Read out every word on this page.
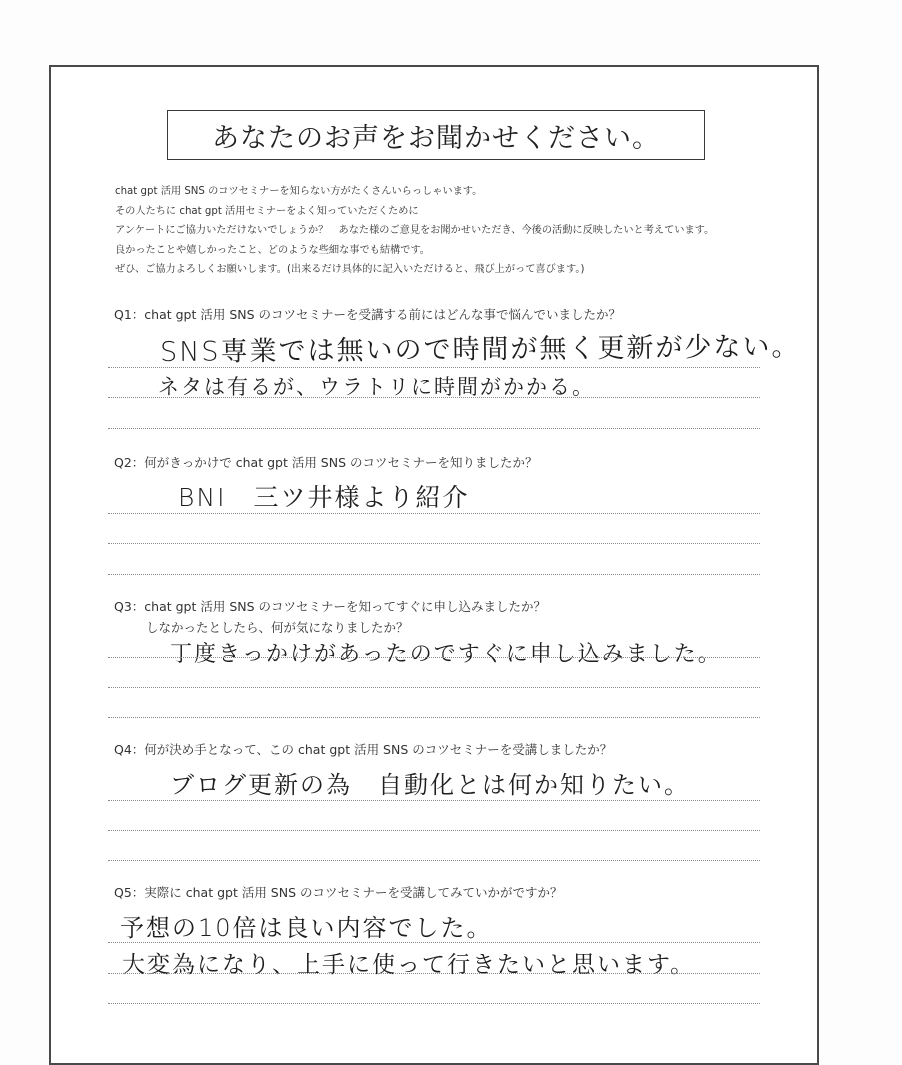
あなたのお声をお聞かせください。
chat gpt 活用 SNS のコツセミナーを知らない方がたくさんいらっしゃいます。
その人たちに chat gpt 活用セミナーをよく知っていただくために
アンケートにご協力いただけないでしょうか？　あなた様のご意見をお聞かせいただき、今後の活動に反映したいと考えています。
良かったことや嬉しかったこと、どのような些細な事でも結構です。
ぜひ、ご協力よろしくお願いします。(出来るだけ具体的に記入いただけると、飛び上がって喜びます。)
Q1：chat gpt 活用 SNS のコツセミナーを受講する前にはどんな事で悩んでいましたか？
SNS専業では無いので時間が無く更新が少ない。
ネタは有るが、ウラトリに時間がかかる。
Q2：何がきっかけで chat gpt 活用 SNS のコツセミナーを知りましたか？
BNI　三ツ井様より紹介
Q3：chat gpt 活用 SNS のコツセミナーを知ってすぐに申し込みましたか？
しなかったとしたら、何が気になりましたか？
丁度きっかけがあったのですぐに申し込みました。
Q4：何が決め手となって、この chat gpt 活用 SNS のコツセミナーを受講しましたか？
ブログ更新の為　自動化とは何か知りたい。
Q5：実際に chat gpt 活用 SNS のコツセミナーを受講してみていかがですか？
予想の10倍は良い内容でした。
大変為になり、上手に使って行きたいと思います。
